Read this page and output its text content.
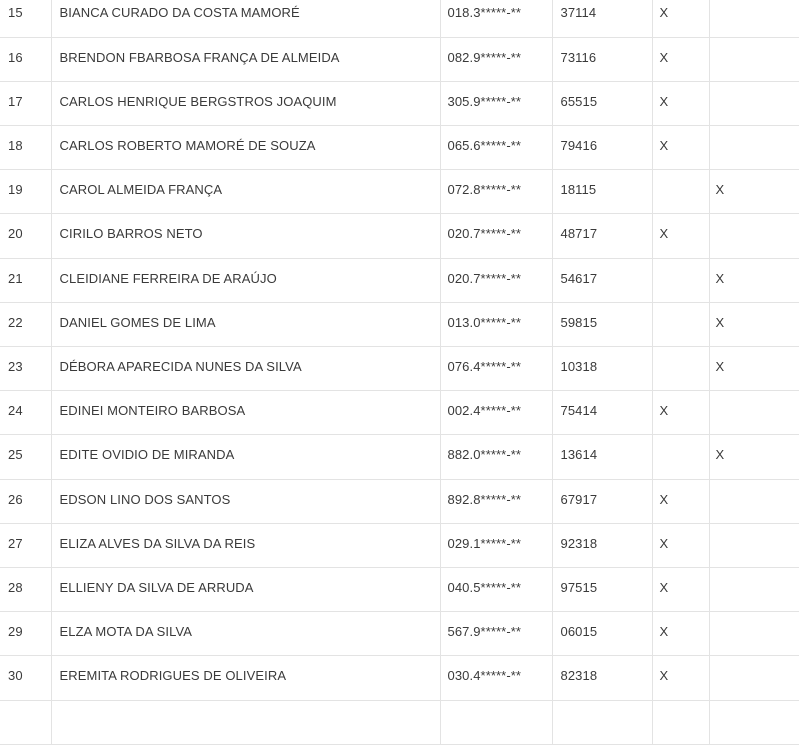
15	BIANCA CURADO DA COSTA MAMORÉ	018.3*****-**	37114	X	
16	BRENDON FBARBOSA FRANÇA DE ALMEIDA	082.9*****-**	73116	X	
17	CARLOS HENRIQUE BERGSTROS JOAQUIM	305.9*****-**	65515	X	
18	CARLOS ROBERTO MAMORÉ DE SOUZA	065.6*****-**	79416	X	
19	CAROL ALMEIDA FRANÇA	072.8*****-**	18115		X
20	CIRILO BARROS NETO	020.7*****-**	48717	X	
21	CLEIDIANE FERREIRA DE ARAÚJO	020.7*****-**	54617		X
22	DANIEL GOMES DE LIMA	013.0*****-**	59815		X
23	DÉBORA APARECIDA NUNES DA SILVA	076.4*****-**	10318		X
24	EDINEI MONTEIRO BARBOSA	002.4*****-**	75414	X	
25	EDITE OVIDIO DE MIRANDA	882.0*****-**	13614		X
26	EDSON LINO DOS SANTOS	892.8*****-**	67917	X	
27	ELIZA ALVES DA SILVA DA REIS	029.1*****-**	92318	X	
28	ELLIENY DA SILVA DE ARRUDA	040.5*****-**	97515	X	
29	ELZA MOTA DA SILVA	567.9*****-**	06015	X	
30	EREMITA RODRIGUES DE OLIVEIRA	030.4*****-**	82318	X	
